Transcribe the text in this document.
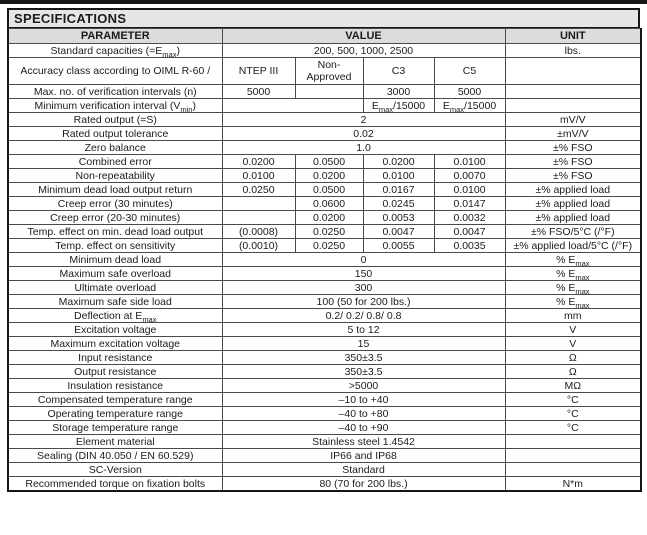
SPECIFICATIONS
PARAMETER	VALUE				UNIT
Standard capacities $(=E_{max})$	200, 500, 1000, 2500				lbs.
Accuracy class according to OIML R-60 /	NTEP III	Non-Approved	C3	C5	
Max. no. of verification intervals (n)	5000		3000	5000	
Minimum verification interval $(V_{min})$			$E_{max}/15000$	$E_{max}/15000$	
Rated output (=S)	2				mV/V
Rated output tolerance	0.02				±mV/V
Zero balance	1.0				±% FSO
Combined error	0.0200	0.0500	0.0200	0.0100	±% FSO
Non-repeatability	0.0100	0.0200	0.0100	0.0070	±% FSO
Minimum dead load output return	0.0250	0.0500	0.0167	0.0100	±% applied load
Creep error (30 minutes)		0.0600	0.0245	0.0147	±% applied load
Creep error (20-30 minutes)		0.0200	0.0053	0.0032	±% applied load
Temp. effect on min. dead load output	(0.0008)	0.0250	0.0047	0.0047	±% FSO/5°C (/°F)
Temp. effect on sensitivity	(0.0010)	0.0250	0.0055	0.0035	±% applied load/5°C (/°F)
Minimum dead load	0				% $E_{max}$
Maximum safe overload	150				% $E_{max}$
Ultimate overload	300				% $E_{max}$
Maximum safe side load	100 (50 for 200 lbs.)				% $E_{max}$
Deflection at $E_{max}$	0.2/ 0.2/ 0.8/ 0.8				mm
Excitation voltage	5 to 12				V
Maximum excitation voltage	15				V
Input resistance	350±3.5				Ω
Output resistance	350±3.5				Ω
Insulation resistance	>5000				MΩ
Compensated temperature range	–10 to +40				°C
Operating temperature range	–40 to +80				°C
Storage temperature range	–40 to +90				°C
Element material	Stainless steel 1.4542				
Sealing (DIN 40.050 / EN 60.529)	IP66 and IP68				
SC-Version	Standard				
Recommended torque on fixation bolts	80 (70 for 200 lbs.)				N*m
